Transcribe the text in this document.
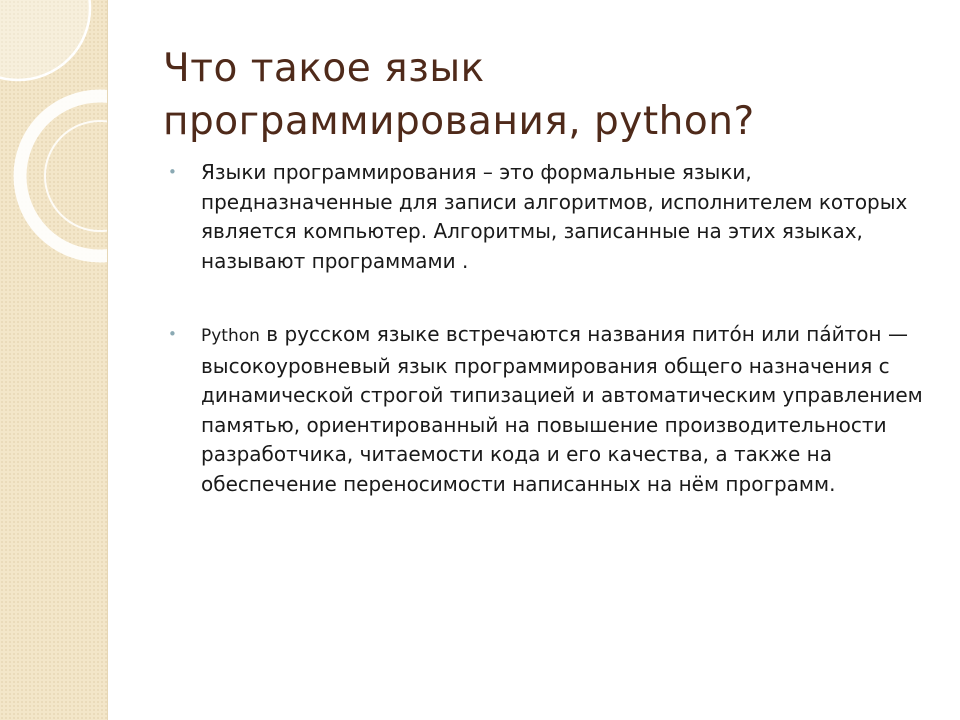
Что такое язык
программирования, python?
• Языки программирования – это формальные языки, предназначенные для записи алгоритмов, исполнителем которых является компьютер. Алгоритмы, записанные на этих языках, называют программами .
• Python в русском языке встречаются названия пито́н или па́йтон — высокоуровневый язык программирования общего назначения с динамической строгой типизацией и автоматическим управлением памятью, ориентированный на повышение производительности разработчика, читаемости кода и его качества, а также на обеспечение переносимости написанных на нём программ.
